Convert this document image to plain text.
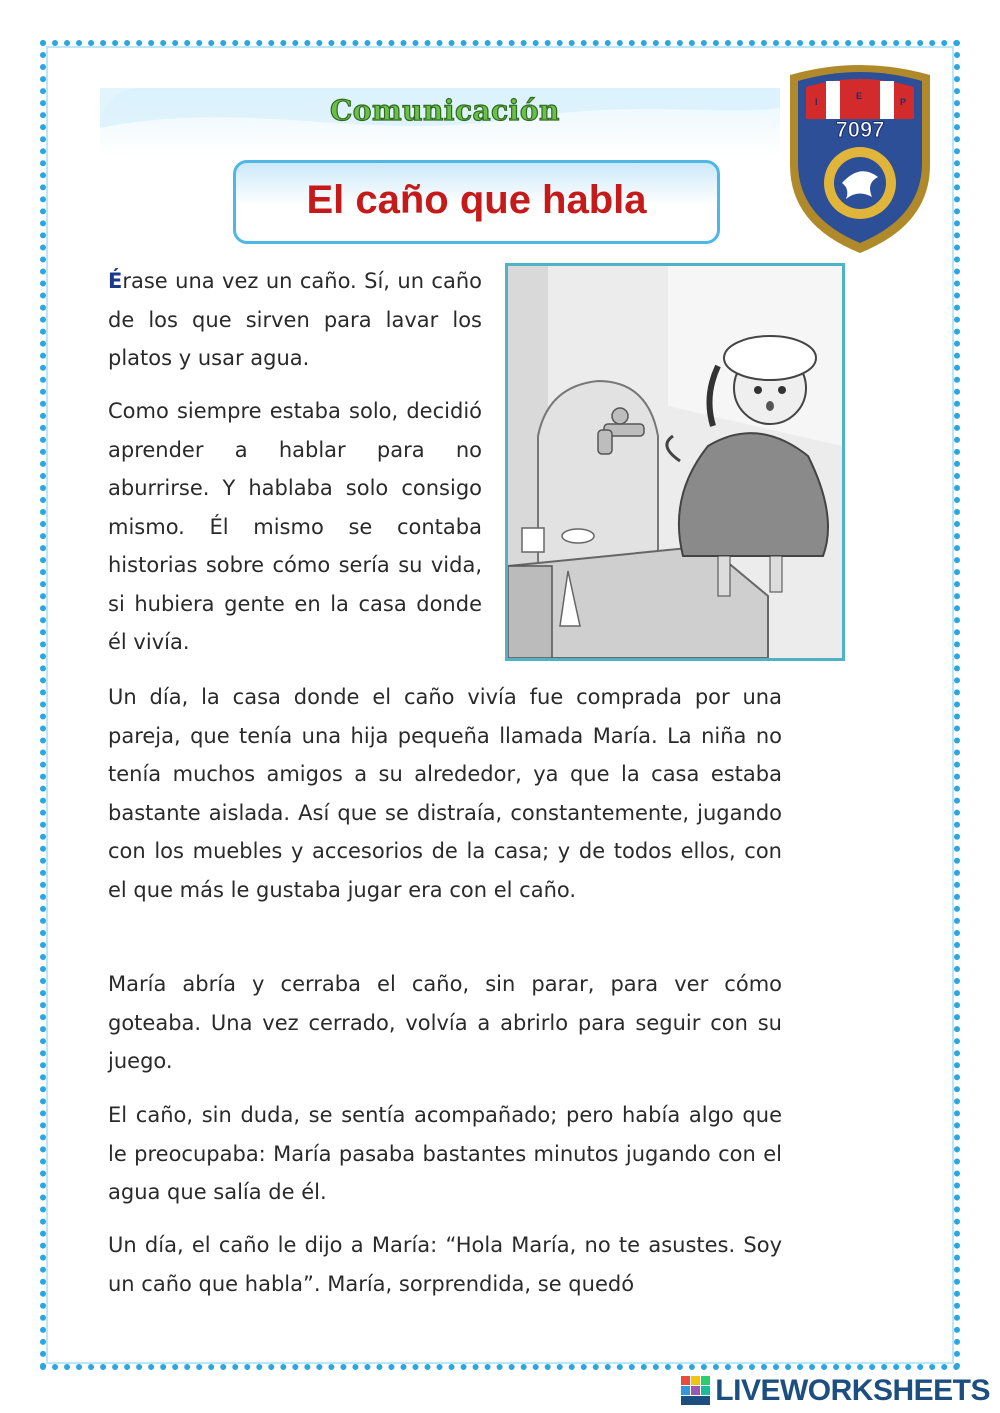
Comunicación
El caño que habla
I
E
P
7097

Érase una vez un caño. Sí, un caño de los que sirven para lavar los platos y usar agua.

Como siempre estaba solo, decidió aprender a hablar para no aburrirse. Y hablaba solo consigo mismo. Él mismo se contaba historias sobre cómo sería su vida, si hubiera gente en la casa donde él vivía.

Un día, la casa donde el caño vivía fue comprada por una pareja, que tenía una hija pequeña llamada María. La niña no tenía muchos amigos a su alrededor, ya que la casa estaba bastante aislada. Así que se distraía, constantemente, jugando con los muebles y accesorios de la casa; y de todos ellos, con el que más le gustaba jugar era con el caño.

María abría y cerraba el caño, sin parar, para ver cómo goteaba. Una vez cerrado, volvía a abrirlo para seguir con su juego.

El caño, sin duda, se sentía acompañado; pero había algo que le preocupaba: María pasaba bastantes minutos jugando con el agua que salía de él.

Un día, el caño le dijo a María: “Hola María, no te asustes. Soy un caño que habla”. María, sorprendida, se quedó

LIVEWORKSHEETS
